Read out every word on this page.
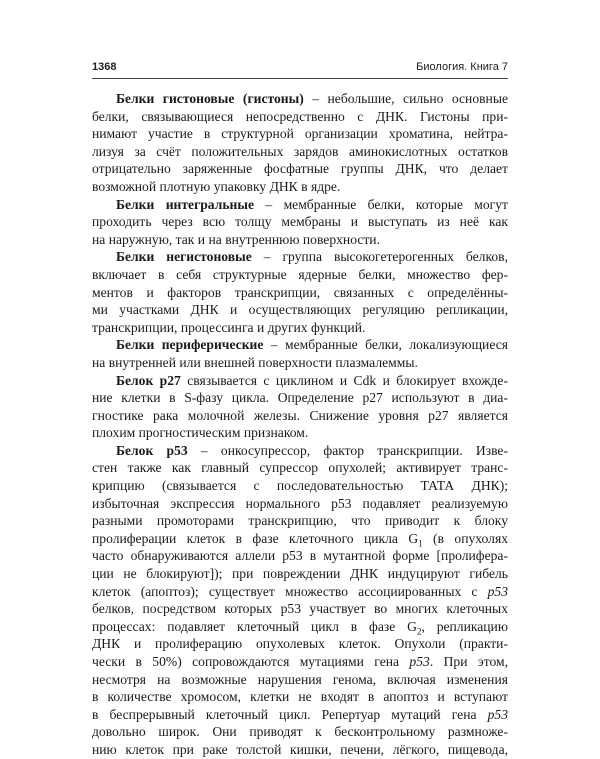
1368	Биология. Книга 7

Белки гистоновые (гистоны) – небольшие, сильно основные
белки, связывающиеся непосредственно с ДНК. Гистоны при-
нимают участие в структурной организации хроматина, нейтра-
лизуя за счёт положительных зарядов аминокислотных остатков
отрицательно заряженные фосфатные группы ДНК, что делает
возможной плотную упаковку ДНК в ядре.

Белки интегральные – мембранные белки, которые могут
проходить через всю толщу мембраны и выступать из неё как
на наружную, так и на внутреннюю поверхности.

Белки негистоновые – группа высокогетерогенных белков,
включает в себя структурные ядерные белки, множество фер-
ментов и факторов транскрипции, связанных с определённы-
ми участками ДНК и осуществляющих регуляцию репликации,
транскрипции, процессинга и других функций.

Белки периферические – мембранные белки, локализующиеся
на внутренней или внешней поверхности плазмалеммы.

Белок р27 связывается с циклином и Cdk и блокирует вхожде-
ние клетки в S-фазу цикла. Определение p27 используют в диа-
гностике рака молочной железы. Снижение уровня p27 является
плохим прогностическим признаком.

Белок р53 – онкосупрессор, фактор транскрипции. Изве-
стен также как главный супрессор опухолей; активирует транс-
крипцию (связывается с последовательностью ТАТА ДНК);
избыточная экспрессия нормального p53 подавляет реализуемую
разными промоторами транскрипцию, что приводит к блоку
пролиферации клеток в фазе клеточного цикла $G_1$ (в опухолях
часто обнаруживаются аллели p53 в мутантной форме [пролифера-
ции не блокируют]); при повреждении ДНК индуцируют гибель
клеток (апоптоз); существует множество ассоциированных с p53
белков, посредством которых p53 участвует во многих клеточных
процессах: подавляет клеточный цикл в фазе $G_2$, репликацию
ДНК и пролиферацию опухолевых клеток. Опухоли (практи-
чески в 50%) сопровождаются мутациями гена p53. При этом,
несмотря на возможные нарушения генома, включая изменения
в количестве хромосом, клетки не входят в апоптоз и вступают
в беспрерывный клеточный цикл. Репертуар мутаций гена p53
довольно широк. Они приводят к бесконтрольному размноже-
нию клеток при раке толстой кишки, печени, лёгкого, пищевода,
